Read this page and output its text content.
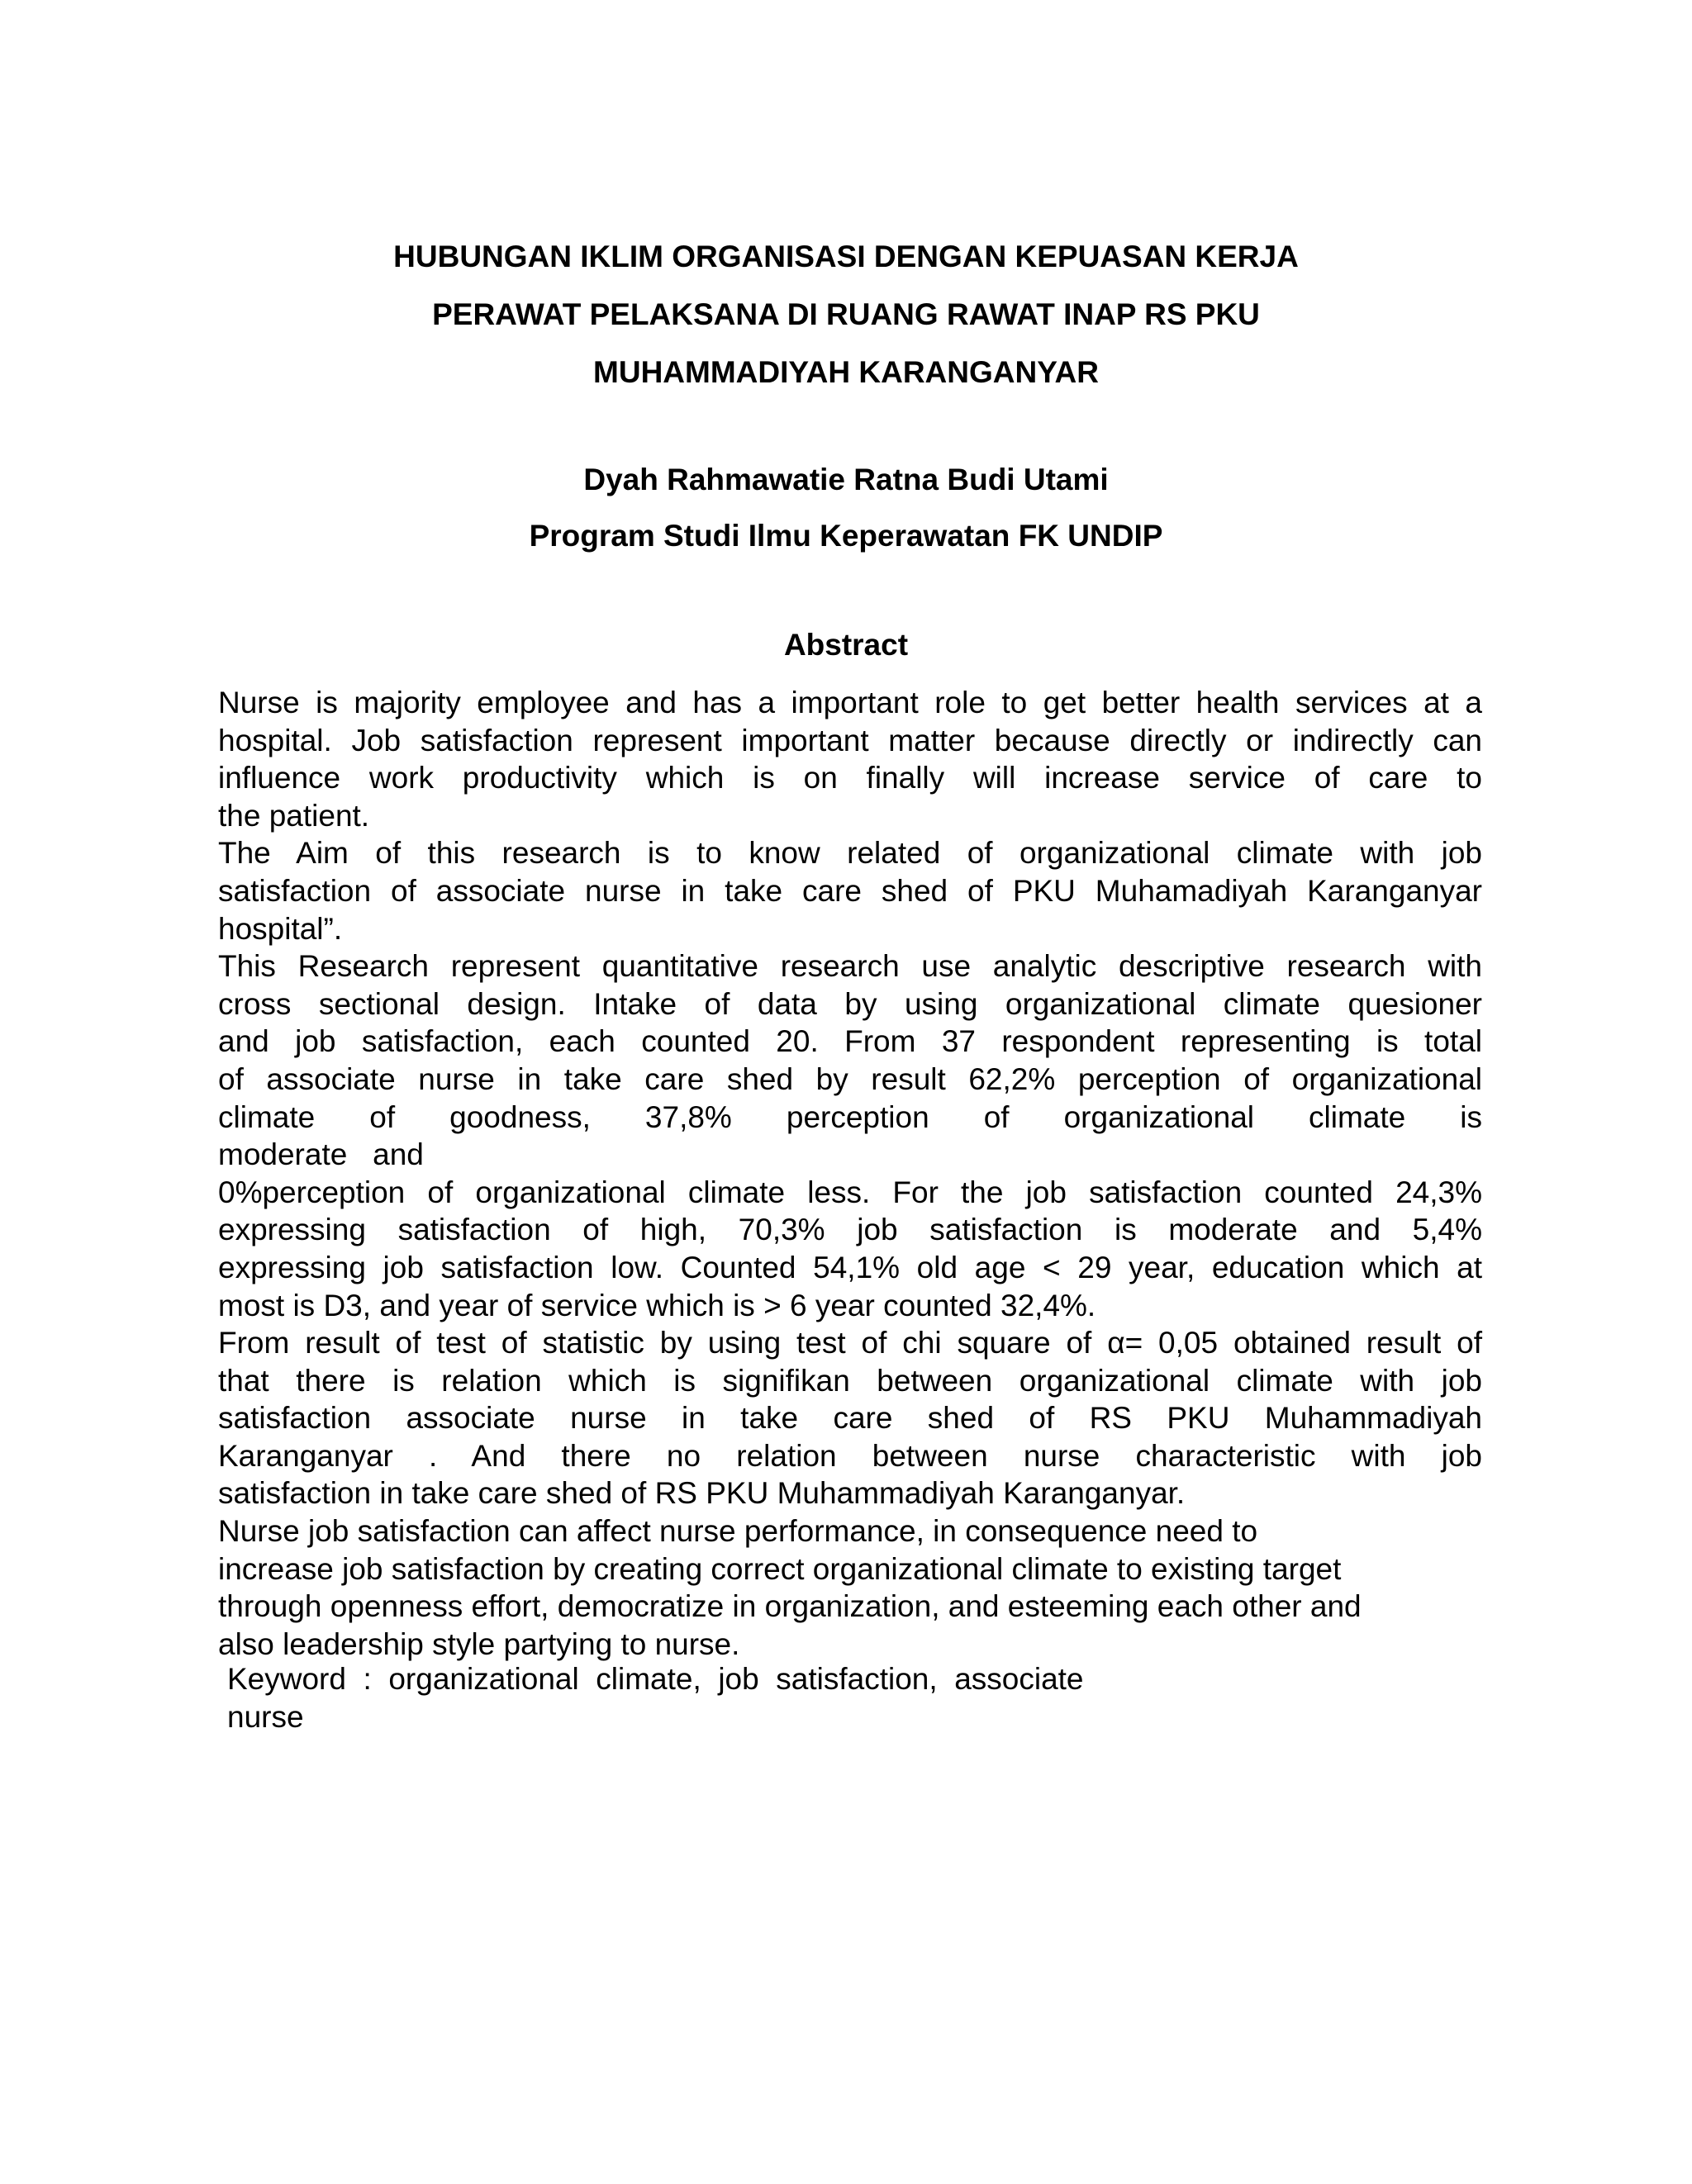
HUBUNGAN IKLIM ORGANISASI DENGAN KEPUASAN KERJA
PERAWAT PELAKSANA DI RUANG RAWAT INAP RS PKU
MUHAMMADIYAH KARANGANYAR
Dyah Rahmawatie Ratna Budi Utami
Program Studi Ilmu Keperawatan FK UNDIP
Abstract
Nurse is majority employee and has a important role to get better health services at a
hospital. Job satisfaction represent important matter because directly or indirectly can
influence work productivity which is on finally will increase service of care to
the patient.
The Aim of this research is to know related of organizational climate with job
satisfaction of associate nurse in take care shed of PKU Muhamadiyah Karanganyar
hospital”.
This Research represent quantitative research use analytic descriptive research with
cross sectional design. Intake of data by using organizational climate quesioner
and job satisfaction, each counted 20. From 37 respondent representing is total
of associate nurse in take care shed by result 62,2% perception of organizational
climate of goodness, 37,8% perception of organizational climate is
moderate   and
0%perception of organizational climate less. For the job satisfaction counted 24,3%
expressing satisfaction of high, 70,3% job satisfaction is moderate and 5,4%
expressing job satisfaction low. Counted 54,1% old age < 29 year, education which at
most is D3, and year of service which is > 6 year counted 32,4%.
From result of test of statistic by using test of chi square of α= 0,05 obtained result of
that there is relation which is signifikan between organizational climate with job
satisfaction associate nurse in take care shed of RS PKU Muhammadiyah
Karanganyar . And there no relation between nurse characteristic with job
satisfaction in take care shed of RS PKU Muhammadiyah Karanganyar.
Nurse job satisfaction can affect nurse performance, in consequence need to
increase job satisfaction by creating correct organizational climate to existing target
through openness effort, democratize in organization, and esteeming each other and
also leadership style partying to nurse.
Keyword  :  organizational  climate,  job  satisfaction,  associate
nurse
